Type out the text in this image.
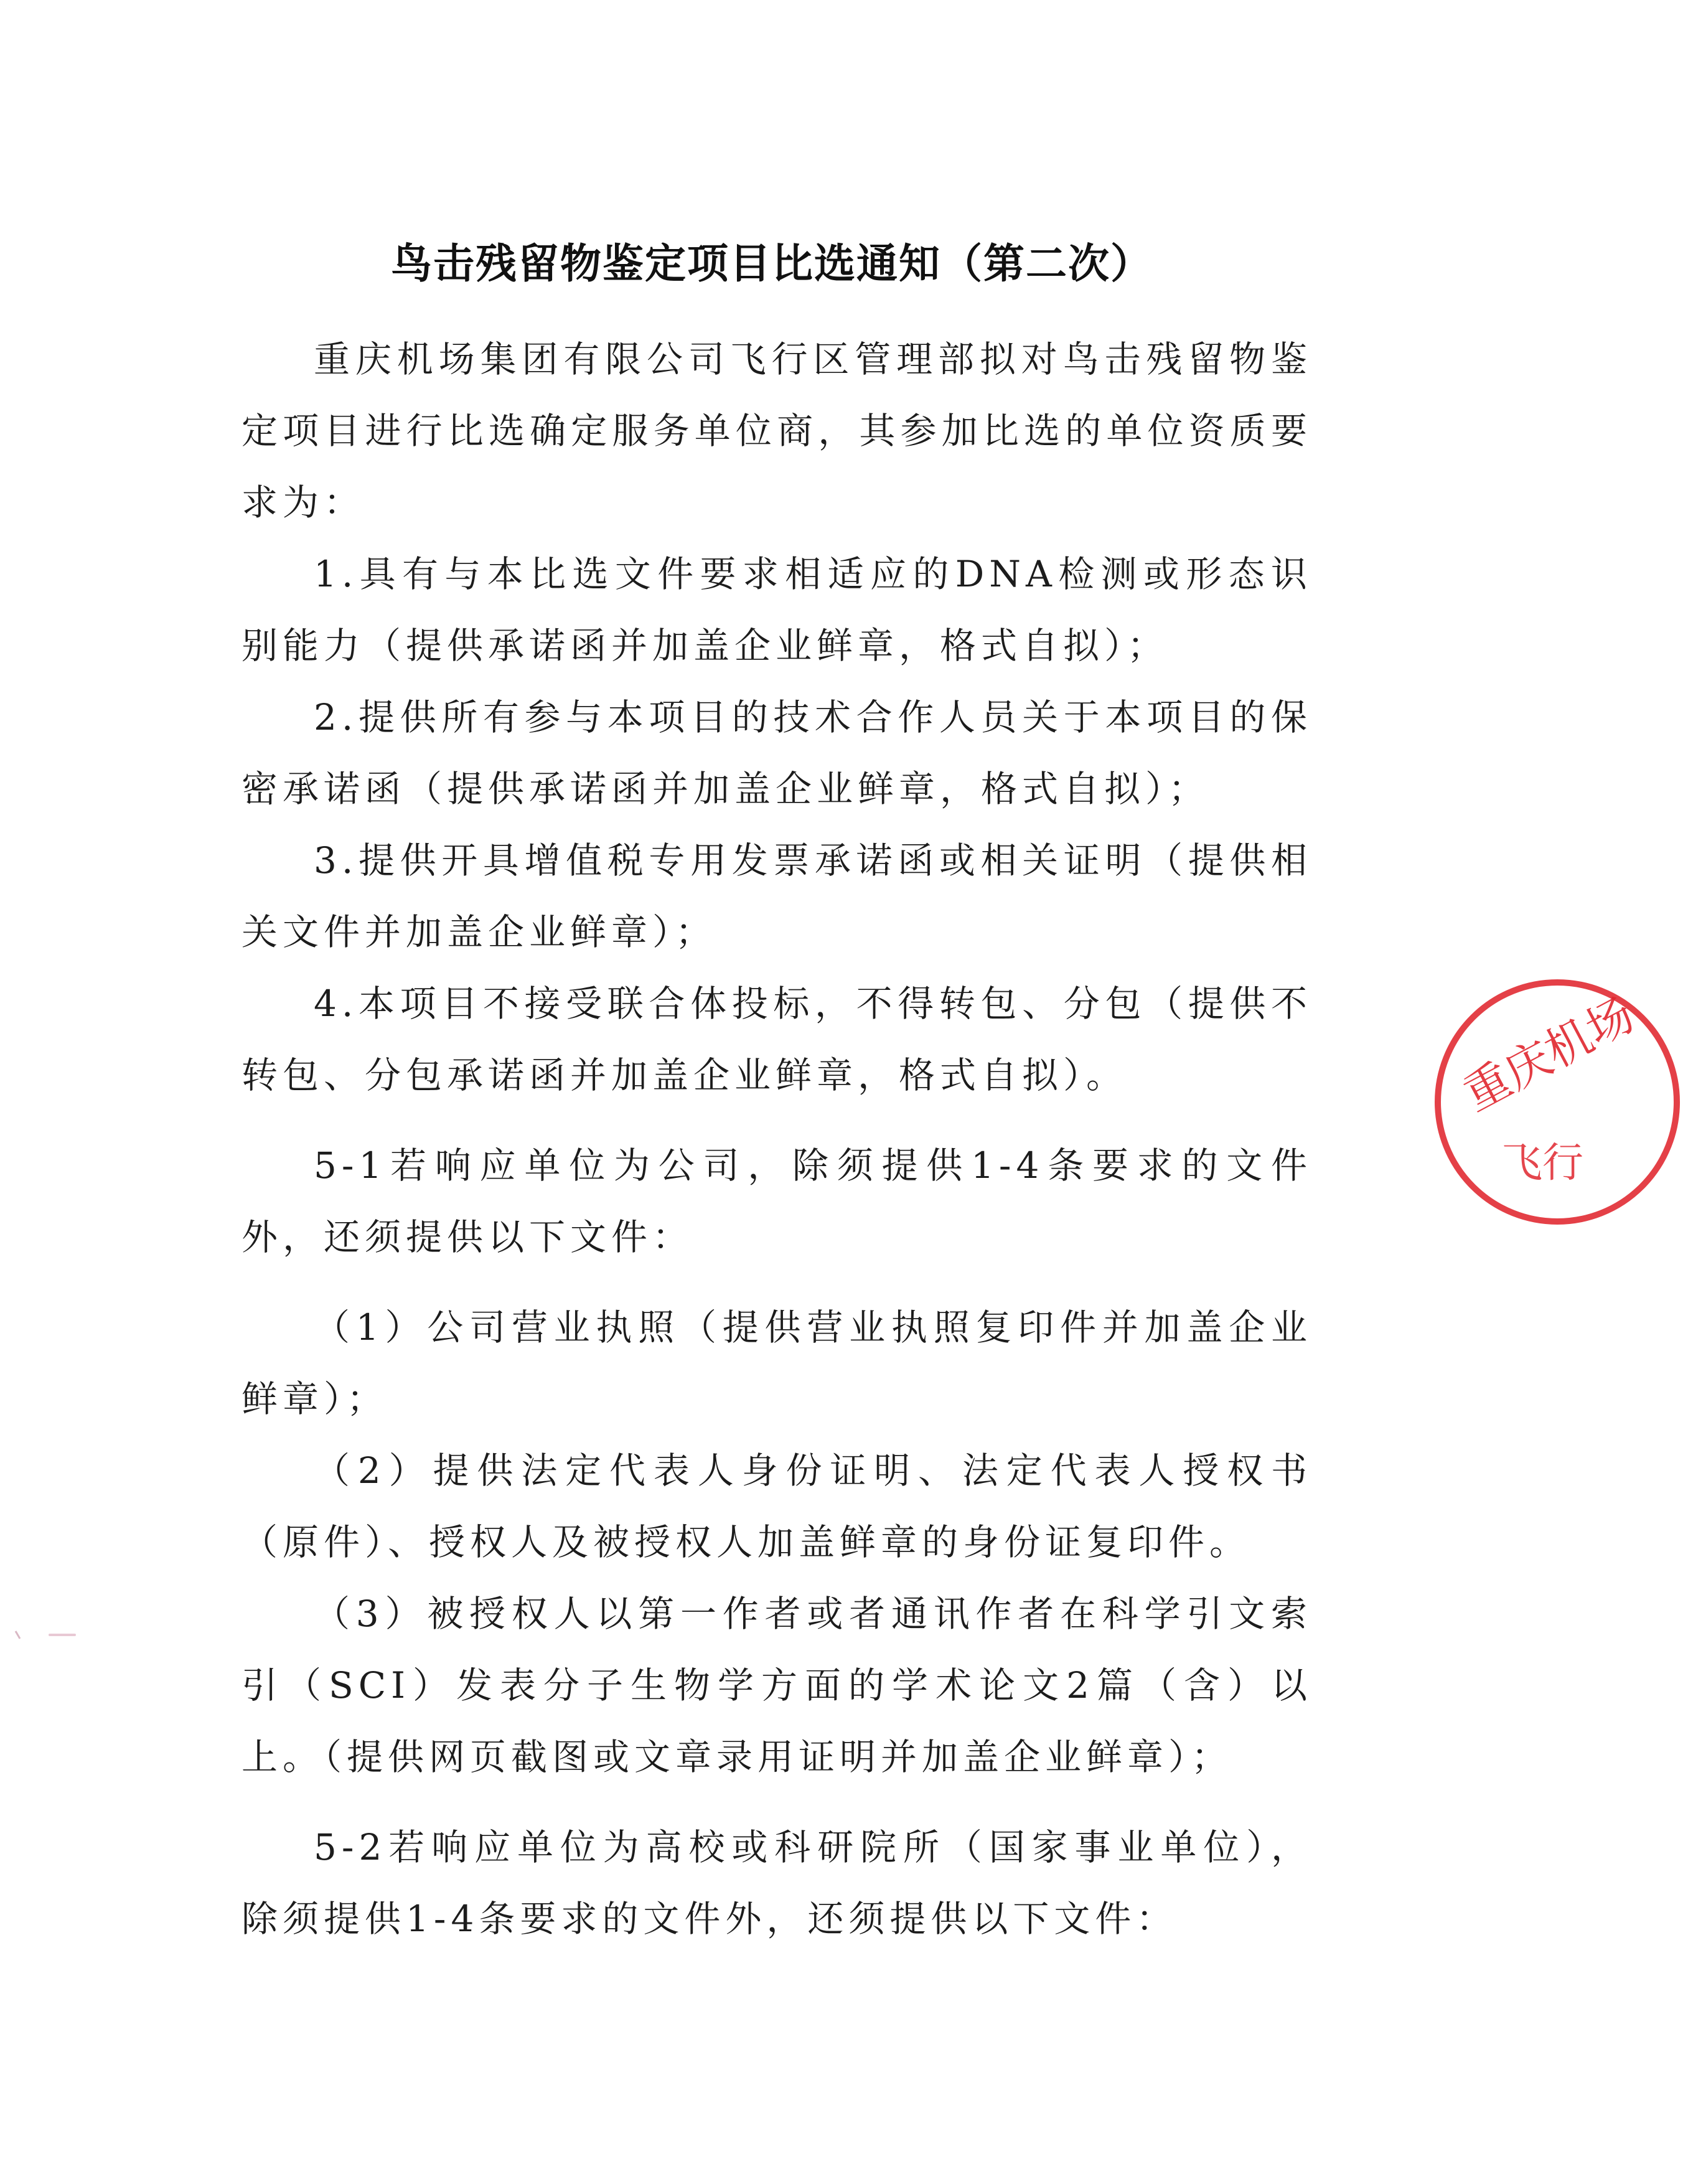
鸟击残留物鉴定项目比选通知（第二次）

重庆机场集团有限公司飞行区管理部拟对鸟击残留物鉴定项目进行比选确定服务单位商，其参加比选的单位资质要求为：

1.具有与本比选文件要求相适应的DNA检测或形态识别能力（提供承诺函并加盖企业鲜章，格式自拟）；

2.提供所有参与本项目的技术合作人员关于本项目的保密承诺函（提供承诺函并加盖企业鲜章，格式自拟）；

3.提供开具增值税专用发票承诺函或相关证明（提供相关文件并加盖企业鲜章）；

4.本项目不接受联合体投标，不得转包、分包（提供不转包、分包承诺函并加盖企业鲜章，格式自拟）。

5-1若响应单位为公司，除须提供1-4条要求的文件外，还须提供以下文件：

（1）公司营业执照（提供营业执照复印件并加盖企业鲜章）；

（2）提供法定代表人身份证明、法定代表人授权书（原件）、授权人及被授权人加盖鲜章的身份证复印件。

（3）被授权人以第一作者或者通讯作者在科学引文索引（SCI）发表分子生物学方面的学术论文2篇（含）以上。（提供网页截图或文章录用证明并加盖企业鲜章）；

5-2若响应单位为高校或科研院所（国家事业单位），除须提供1-4条要求的文件外，还须提供以下文件：

重庆机场
飞行
